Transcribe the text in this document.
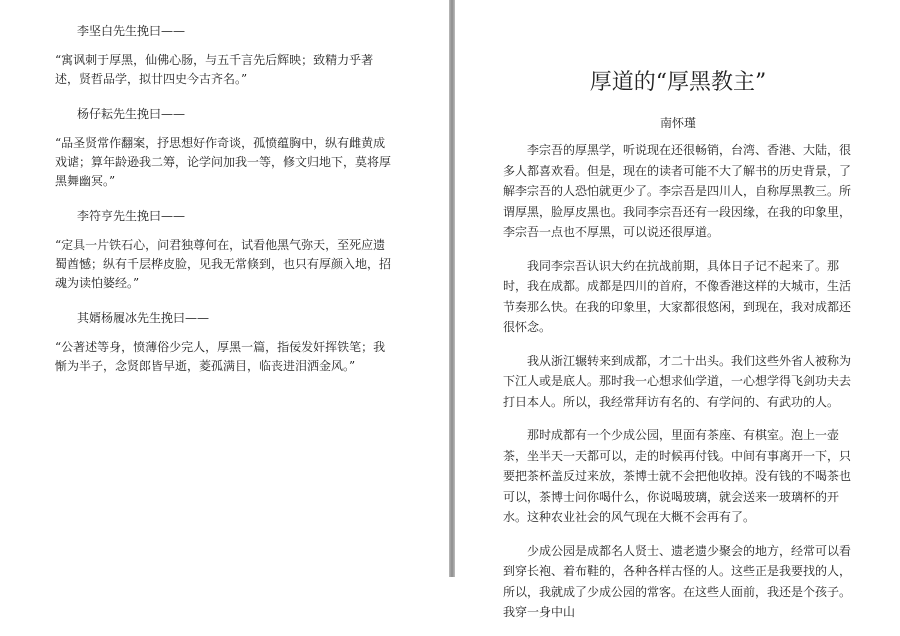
李坚白先生挽曰——

“寓讽刺于厚黑，仙佛心肠，与五千言先后辉映；致精力乎著述，贤哲品学，拟廿四史今古齐名。”

杨仔耘先生挽曰——

“品圣贤常作翻案，抒思想好作奇谈，孤愤蕴胸中，纵有雌黄成戏谑；算年龄逊我二筹，论学问加我一等，修文归地下，莫将厚黑舞幽冥。”

李符亨先生挽曰——

“定具一片铁石心，问君独尊何在，试看他黑气弥天，至死应遗蜀酋憾；纵有千层桦皮脸，见我无常倏到，也只有厚颜入地，招魂为读怕婆经。”

其婿杨履冰先生挽曰——

“公著述等身，愤薄俗少完人，厚黑一篇，指佞发奸挥铁笔；我惭为半子，念贤郎皆早逝，菱孤满目，临丧进泪洒金风。”

厚道的“厚黑教主”

南怀瑾

李宗吾的厚黑学，听说现在还很畅销，台湾、香港、大陆，很多人都喜欢看。但是，现在的读者可能不大了解书的历史背景，了解李宗吾的人恐怕就更少了。李宗吾是四川人，自称厚黑教三。所谓厚黑，脸厚皮黑也。我同李宗吾还有一段因缘，在我的印象里，李宗吾一点也不厚黑，可以说还很厚道。

我同李宗吾认识大约在抗战前期，具体日子记不起来了。那时，我在成都。成都是四川的首府，不像香港这样的大城市，生活节奏那么快。在我的印象里，大家都很悠闲，到现在，我对成都还很怀念。

我从浙江辗转来到成都，才二十出头。我们这些外省人被称为下江人或是底人。那时我一心想求仙学道，一心想学得飞剑功夫去打日本人。所以，我经常拜访有名的、有学问的、有武功的人。

那时成都有一个少成公园，里面有茶座、有棋室。泡上一壶茶，坐半天一天都可以，走的时候再付钱。中间有事离开一下，只要把茶杯盖反过来放，茶博士就不会把他收掉。没有钱的不喝茶也可以，茶博士问你喝什么，你说喝玻璃，就会送来一玻璃杯的开水。这种农业社会的风气现在大概不会再有了。

少成公园是成都名人贤士、遗老遗少聚会的地方，经常可以看到穿长袍、着布鞋的，各种各样古怪的人。这些正是我要找的人，所以，我就成了少成公园的常客。在这些人面前，我还是个孩子。我穿一身中山
